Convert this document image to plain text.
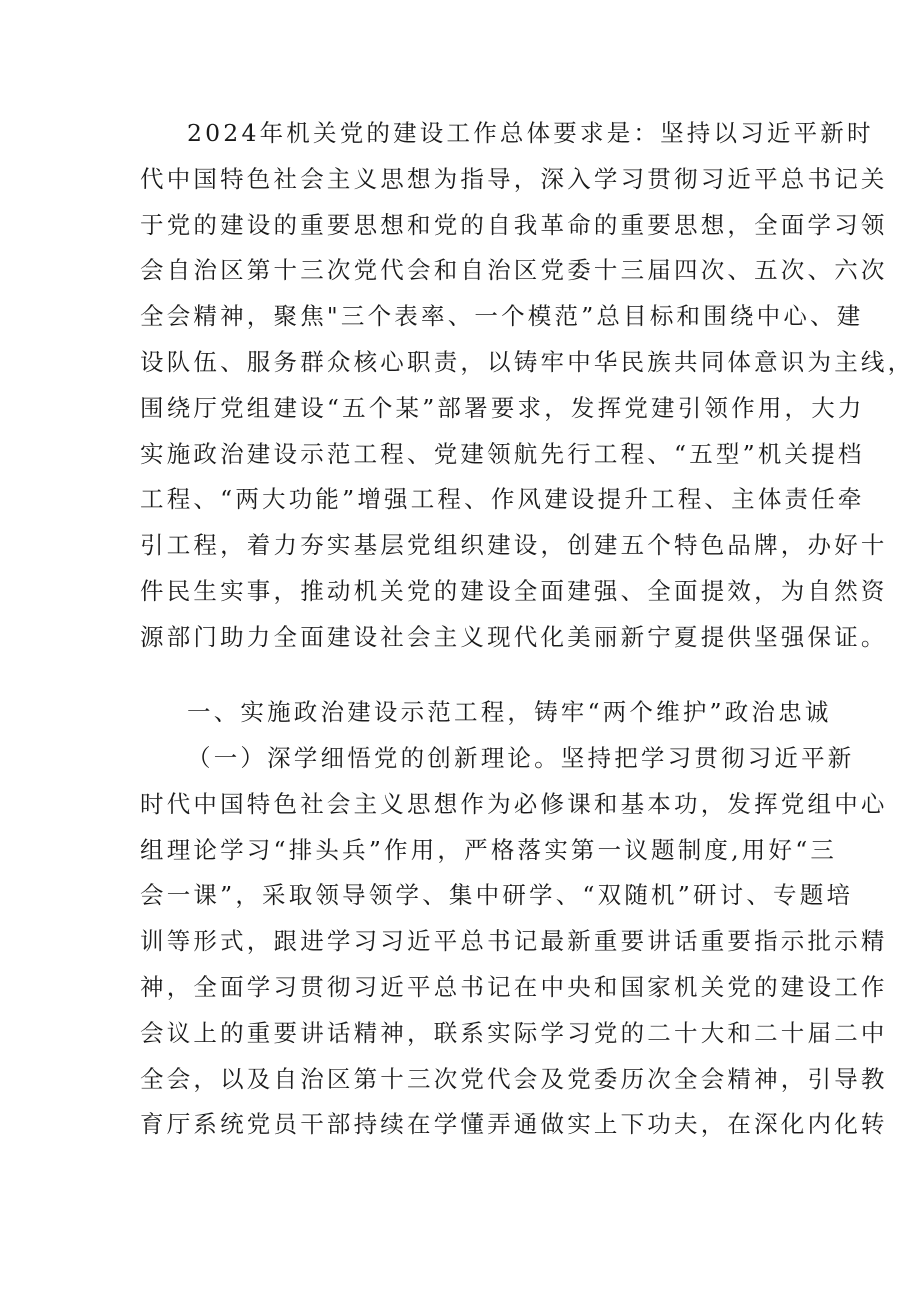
2024年机关党的建设工作总体要求是：坚持以习近平新时
代中国特色社会主义思想为指导，深入学习贯彻习近平总书记关
于党的建设的重要思想和党的自我革命的重要思想，全面学习领
会自治区第十三次党代会和自治区党委十三届四次、五次、六次
全会精神，聚焦"三个表率、一个模范”总目标和围绕中心、建
设队伍、服务群众核心职责，以铸牢中华民族共同体意识为主线，
围绕厅党组建设“五个某”部署要求，发挥党建引领作用，大力
实施政治建设示范工程、党建领航先行工程、“五型”机关提档
工程、“两大功能”增强工程、作风建设提升工程、主体责任牵
引工程，着力夯实基层党组织建设，创建五个特色品牌，办好十
件民生实事，推动机关党的建设全面建强、全面提效，为自然资
源部门助力全面建设社会主义现代化美丽新宁夏提供坚强保证。
一、实施政治建设示范工程，铸牢“两个维护”政治忠诚
（一）深学细悟党的创新理论。坚持把学习贯彻习近平新
时代中国特色社会主义思想作为必修课和基本功，发挥党组中心
组理论学习“排头兵”作用，严格落实第一议题制度,用好“三
会一课”，采取领导领学、集中研学、“双随机”研讨、专题培
训等形式，跟进学习习近平总书记最新重要讲话重要指示批示精
神，全面学习贯彻习近平总书记在中央和国家机关党的建设工作
会议上的重要讲话精神，联系实际学习党的二十大和二十届二中
全会，以及自治区第十三次党代会及党委历次全会精神，引导教
育厅系统党员干部持续在学懂弄通做实上下功夫，在深化内化转
